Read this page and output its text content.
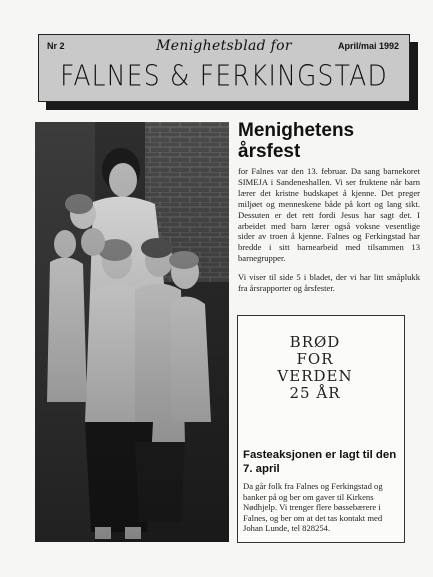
Nr 2	April/mai 1992
Menighetsblad for
FALNES & FERKINGSTAD
Menighetens årsfest

for Falnes var den 13. februar. Da sang barnekoret SIMEJA i Sandeneshallen. Vi ser fruktene når barn lærer det kristne budskapet å kjenne. Det preger miljøet og menneskene både på kort og lang sikt. Dessuten er det rett fordi Jesus har sagt det. I arbeidet med barn lærer også voksne vesentlige sider av troen å kjenne. Falnes og Ferkingstad har bredde i sitt barnearbeid med tilsammen 13 barnegrupper.

Vi viser til side 5 i bladet, der vi har litt småplukk fra årsrapporter og årsfester.

BRØD
FOR
VERDEN
25 ÅR
Fasteaksjonen er lagt til den 7. april
Da går folk fra Falnes og Ferkingstad og banker på og ber om gaver til Kirkens Nødhjelp. Vi trenger flere bøssebærere i Falnes, og ber om at det tas kontakt med Johan Lunde, tel 828254.
